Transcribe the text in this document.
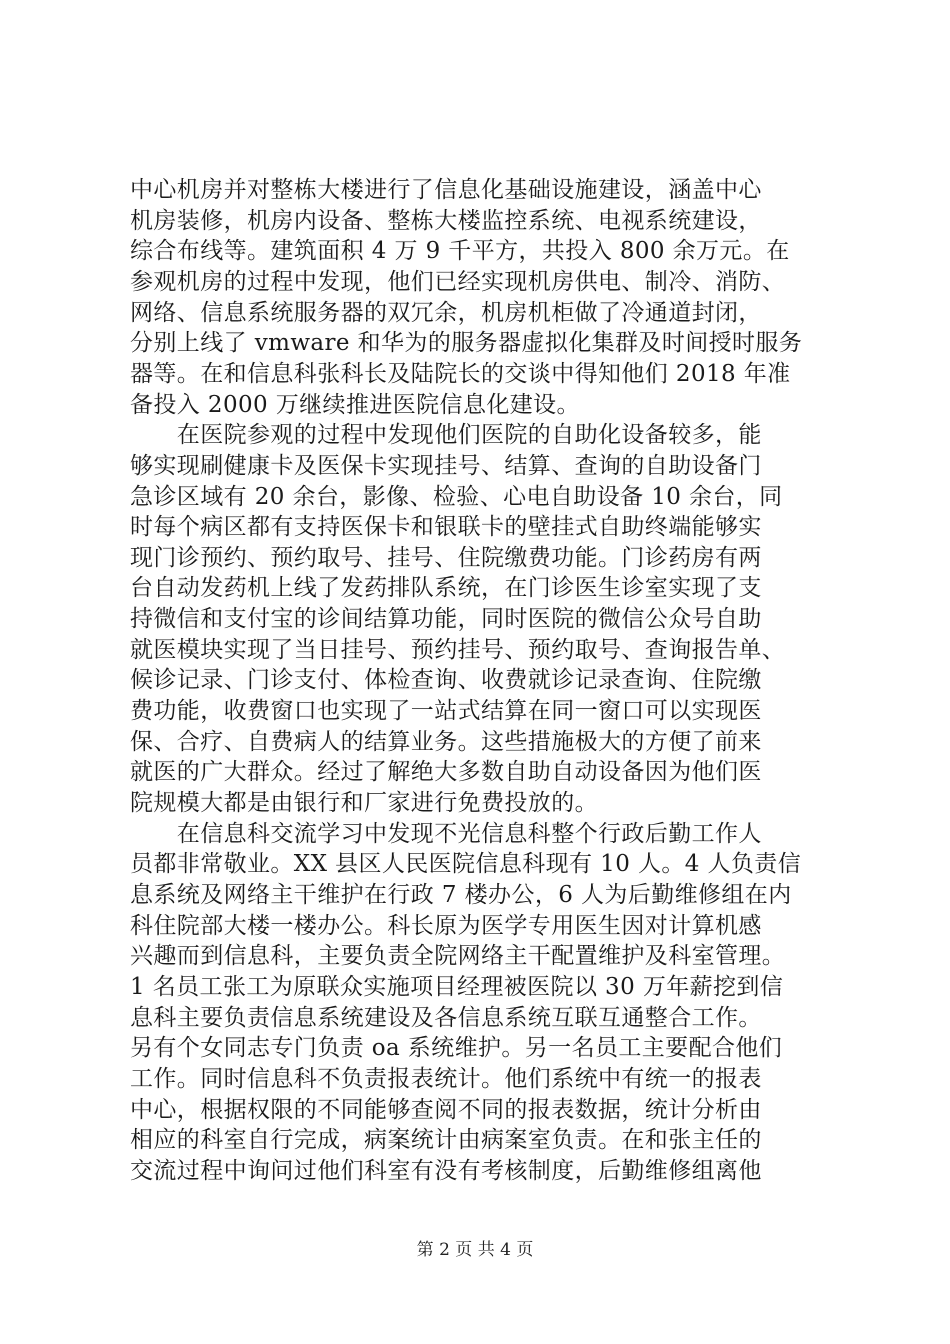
中心机房并对整栋大楼进行了信息化基础设施建设，涵盖中心
机房装修，机房内设备、整栋大楼监控系统、电视系统建设，
综合布线等。建筑面积 4 万 9 千平方，共投入 800 余万元。在
参观机房的过程中发现，他们已经实现机房供电、制冷、消防、
网络、信息系统服务器的双冗余，机房机柜做了冷通道封闭，
分别上线了 vmware 和华为的服务器虚拟化集群及时间授时服务
器等。在和信息科张科长及陆院长的交谈中得知他们 2018 年准
备投入 2000 万继续推进医院信息化建设。
　　在医院参观的过程中发现他们医院的自助化设备较多，能
够实现刷健康卡及医保卡实现挂号、结算、查询的自助设备门
急诊区域有 20 余台，影像、检验、心电自助设备 10 余台，同
时每个病区都有支持医保卡和银联卡的壁挂式自助终端能够实
现门诊预约、预约取号、挂号、住院缴费功能。门诊药房有两
台自动发药机上线了发药排队系统，在门诊医生诊室实现了支
持微信和支付宝的诊间结算功能，同时医院的微信公众号自助
就医模块实现了当日挂号、预约挂号、预约取号、查询报告单、
候诊记录、门诊支付、体检查询、收费就诊记录查询、住院缴
费功能，收费窗口也实现了一站式结算在同一窗口可以实现医
保、合疗、自费病人的结算业务。这些措施极大的方便了前来
就医的广大群众。经过了解绝大多数自助自动设备因为他们医
院规模大都是由银行和厂家进行免费投放的。
　　在信息科交流学习中发现不光信息科整个行政后勤工作人
员都非常敬业。XX 县区人民医院信息科现有 10 人。4 人负责信
息系统及网络主干维护在行政 7 楼办公，6 人为后勤维修组在内
科住院部大楼一楼办公。科长原为医学专用医生因对计算机感
兴趣而到信息科，主要负责全院网络主干配置维护及科室管理。
1 名员工张工为原联众实施项目经理被医院以 30 万年薪挖到信
息科主要负责信息系统建设及各信息系统互联互通整合工作。
另有个女同志专门负责 oa 系统维护。另一名员工主要配合他们
工作。同时信息科不负责报表统计。他们系统中有统一的报表
中心，根据权限的不同能够查阅不同的报表数据，统计分析由
相应的科室自行完成，病案统计由病案室负责。在和张主任的
交流过程中询问过他们科室有没有考核制度，后勤维修组离他
第 2 页 共 4 页
